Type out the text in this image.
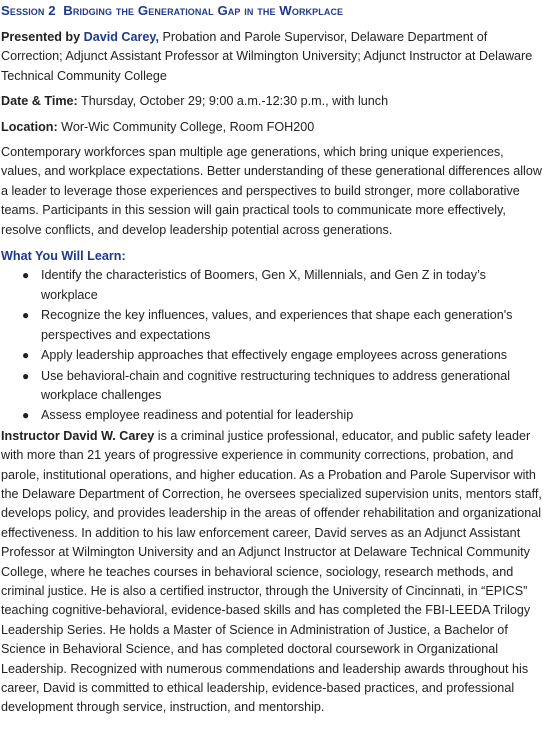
Session 2 Bridging the Generational Gap in the Workplace

Presented by David Carey, Probation and Parole Supervisor, Delaware Department of Correction; Adjunct Assistant Professor at Wilmington University; Adjunct Instructor at Delaware Technical Community College

Date & Time: Thursday, October 29; 9:00 a.m.-12:30 p.m., with lunch

Location: Wor-Wic Community College, Room FOH200

Contemporary workforces span multiple age generations, which bring unique experiences, values, and workplace expectations. Better understanding of these generational differences allow a leader to leverage those experiences and perspectives to build stronger, more collaborative teams. Participants in this session will gain practical tools to communicate more effectively, resolve conflicts, and develop leadership potential across generations.

What You Will Learn:

● Identify the characteristics of Boomers, Gen X, Millennials, and Gen Z in today’s workplace
● Recognize the key influences, values, and experiences that shape each generation's perspectives and expectations
● Apply leadership approaches that effectively engage employees across generations
● Use behavioral-chain and cognitive restructuring techniques to address generational workplace challenges
● Assess employee readiness and potential for leadership

Instructor David W. Carey is a criminal justice professional, educator, and public safety leader with more than 21 years of progressive experience in community corrections, probation, and parole, institutional operations, and higher education. As a Probation and Parole Supervisor with the Delaware Department of Correction, he oversees specialized supervision units, mentors staff, develops policy, and provides leadership in the areas of offender rehabilitation and organizational effectiveness. In addition to his law enforcement career, David serves as an Adjunct Assistant Professor at Wilmington University and an Adjunct Instructor at Delaware Technical Community College, where he teaches courses in behavioral science, sociology, research methods, and criminal justice. He is also a certified instructor, through the University of Cincinnati, in “EPICS” teaching cognitive-behavioral, evidence-based skills and has completed the FBI-LEEDA Trilogy Leadership Series. He holds a Master of Science in Administration of Justice, a Bachelor of Science in Behavioral Science, and has completed doctoral coursework in Organizational Leadership. Recognized with numerous commendations and leadership awards throughout his career, David is committed to ethical leadership, evidence-based practices, and professional development through service, instruction, and mentorship.
